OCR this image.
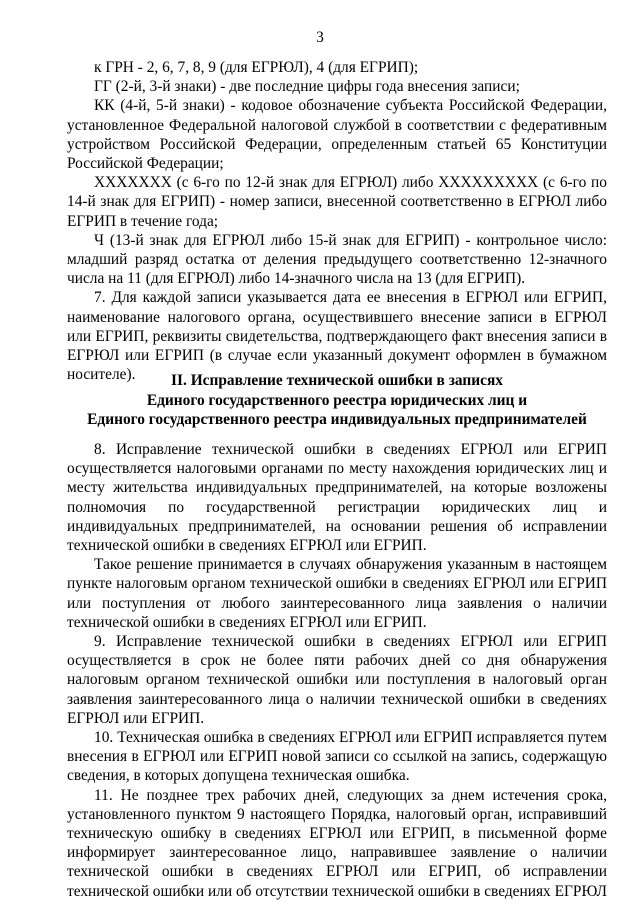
3

к ГРН - 2, 6, 7, 8, 9 (для ЕГРЮЛ), 4 (для ЕГРИП);

ГГ (2-й, 3-й знаки) - две последние цифры года внесения записи;

КК (4-й, 5-й знаки) - кодовое обозначение субъекта Российской Федерации, установленное Федеральной налоговой службой в соответствии с федеративным устройством Российской Федерации, определенным статьей 65 Конституции Российской Федерации;

ХХХХХХХ (с 6-го по 12-й знак для ЕГРЮЛ) либо ХХХХХХХХХ (с 6-го по 14-й знак для ЕГРИП) - номер записи, внесенной соответственно в ЕГРЮЛ либо ЕГРИП в течение года;

Ч (13-й знак для ЕГРЮЛ либо 15-й знак для ЕГРИП) - контрольное число: младший разряд остатка от деления предыдущего соответственно 12-значного числа на 11 (для ЕГРЮЛ) либо 14-значного числа на 13 (для ЕГРИП).

7. Для каждой записи указывается дата ее внесения в ЕГРЮЛ или ЕГРИП, наименование налогового органа, осуществившего внесение записи в ЕГРЮЛ или ЕГРИП, реквизиты свидетельства, подтверждающего факт внесения записи в ЕГРЮЛ или ЕГРИП (в случае если указанный документ оформлен в бумажном носителе).	II. Исправление технической ошибки в записях
Единого государственного реестра юридических лиц и
Единого государственного реестра индивидуальных предпринимателей

8. Исправление технической ошибки в сведениях ЕГРЮЛ или ЕГРИП осуществляется налоговыми органами по месту нахождения юридических лиц и месту жительства индивидуальных предпринимателей, на которые возложены полномочия по государственной регистрации юридических лиц и индивидуальных предпринимателей, на основании решения об исправлении технической ошибки в сведениях ЕГРЮЛ или ЕГРИП.

Такое решение принимается в случаях обнаружения указанным в настоящем пункте налоговым органом технической ошибки в сведениях ЕГРЮЛ или ЕГРИП или поступления от любого заинтересованного лица заявления о наличии технической ошибки в сведениях ЕГРЮЛ или ЕГРИП.

9. Исправление технической ошибки в сведениях ЕГРЮЛ или ЕГРИП осуществляется в срок не более пяти рабочих дней со дня обнаружения налоговым органом технической ошибки или поступления в налоговый орган заявления заинтересованного лица о наличии технической ошибки в сведениях ЕГРЮЛ или ЕГРИП.

10. Техническая ошибка в сведениях ЕГРЮЛ или ЕГРИП исправляется путем внесения в ЕГРЮЛ или ЕГРИП новой записи со ссылкой на запись, содержащую сведения, в которых допущена техническая ошибка.

11. Не позднее трех рабочих дней, следующих за днем истечения срока, установленного пунктом 9 настоящего Порядка, налоговый орган, исправивший техническую ошибку в сведениях ЕГРЮЛ или ЕГРИП, в письменной форме информирует заинтересованное лицо, направившее заявление о наличии технической ошибки в сведениях ЕГРЮЛ или ЕГРИП, об исправлении технической ошибки или об отсутствии технической ошибки в сведениях ЕГРЮЛ
